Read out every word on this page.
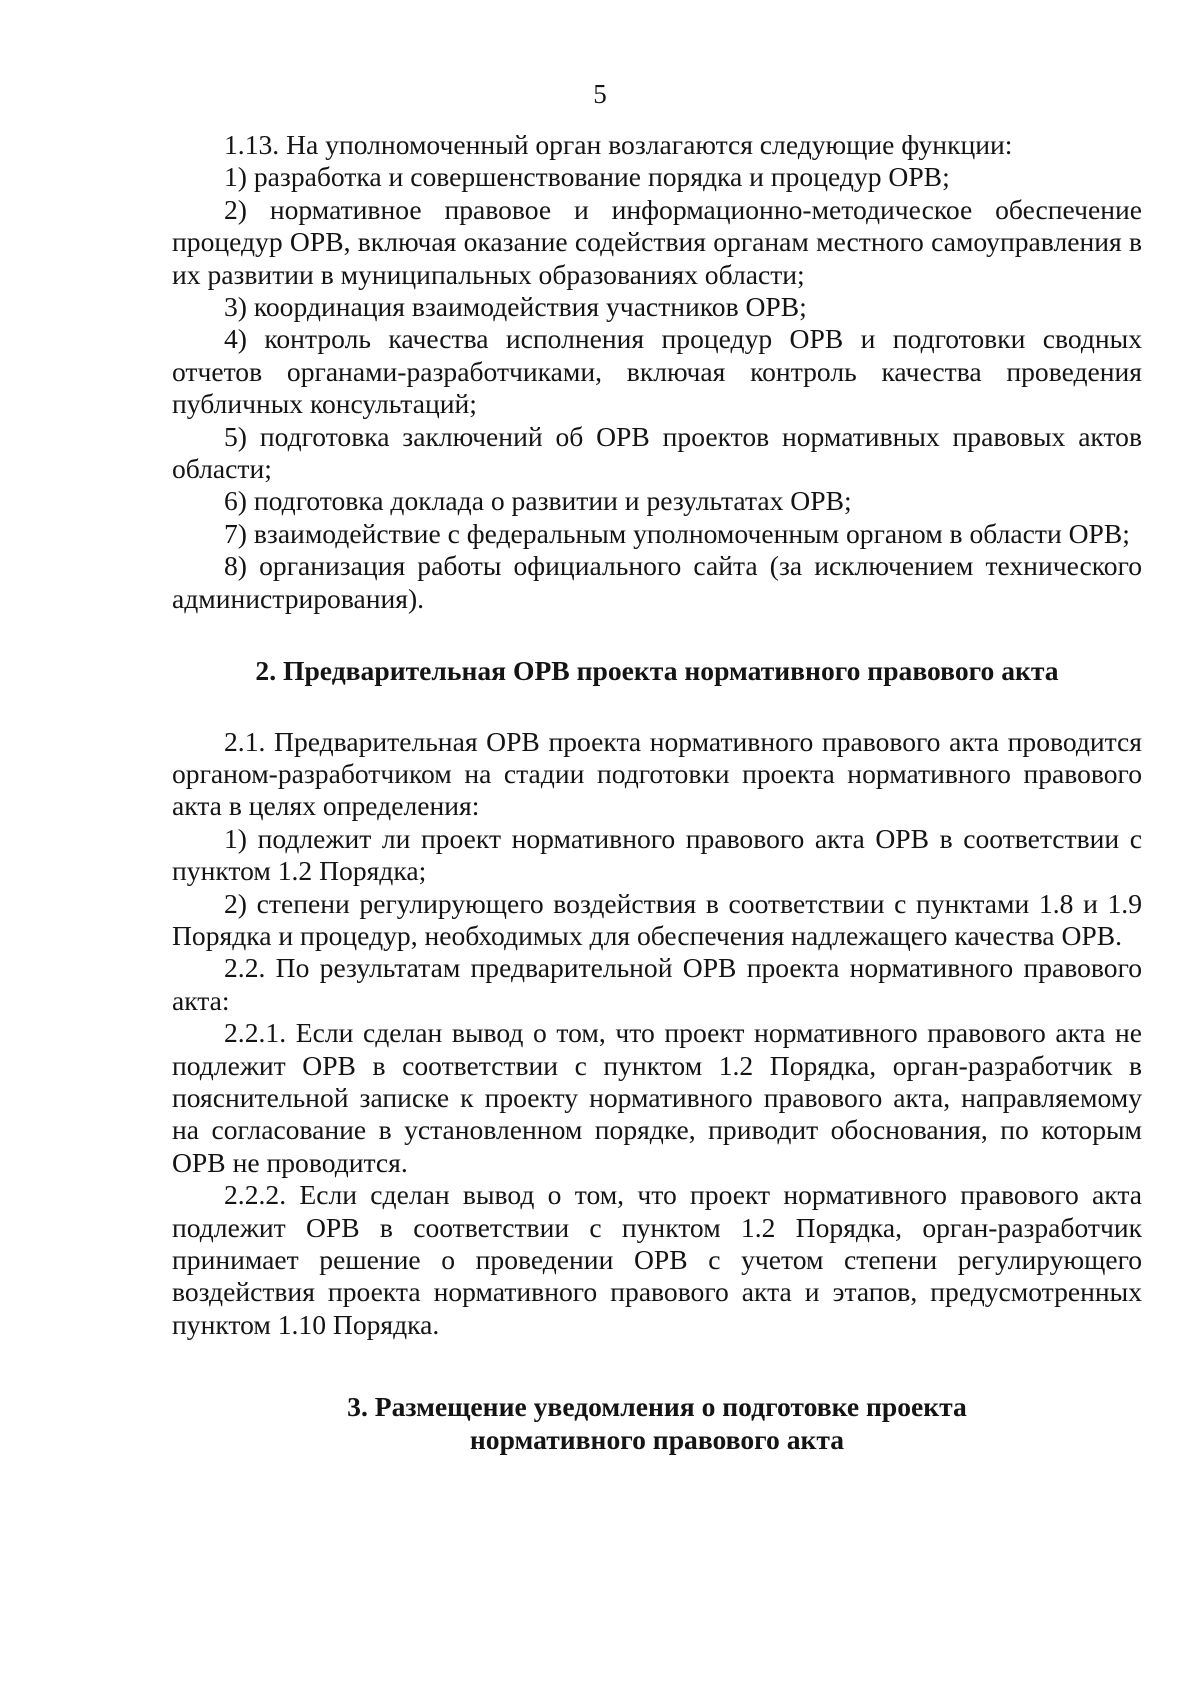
5

1.13. На уполномоченный орган возлагаются следующие функции:

1) разработка и совершенствование порядка и процедур ОРВ;

2) нормативное правовое и информационно-методическое обеспечение процедур ОРВ, включая оказание содействия органам местного самоуправления в их развитии в муниципальных образованиях области;

3) координация взаимодействия участников ОРВ;

4) контроль качества исполнения процедур ОРВ и подготовки сводных отчетов органами-разработчиками, включая контроль качества проведения публичных консультаций;

5) подготовка заключений об ОРВ проектов нормативных правовых актов области;

6) подготовка доклада о развитии и результатах ОРВ;

7) взаимодействие с федеральным уполномоченным органом в области ОРВ;

8) организация работы официального сайта (за исключением технического администрирования).

2. Предварительная ОРВ проекта нормативного правового акта

2.1. Предварительная ОРВ проекта нормативного правового акта проводится органом-разработчиком на стадии подготовки проекта нормативного правового акта в целях определения:

1) подлежит ли проект нормативного правового акта ОРВ в соответствии с пунктом 1.2 Порядка;

2) степени регулирующего воздействия в соответствии с пунктами 1.8 и 1.9 Порядка и процедур, необходимых для обеспечения надлежащего качества ОРВ.

2.2. По результатам предварительной ОРВ проекта нормативного правового акта:

2.2.1. Если сделан вывод о том, что проект нормативного правового акта не подлежит ОРВ в соответствии с пунктом 1.2 Порядка, орган-разработчик в пояснительной записке к проекту нормативного правового акта, направляемому на согласование в установленном порядке, приводит обоснования, по которым ОРВ не проводится.

2.2.2. Если сделан вывод о том, что проект нормативного правового акта подлежит ОРВ в соответствии с пунктом 1.2 Порядка, орган-разработчик принимает решение о проведении ОРВ с учетом степени регулирующего воздействия проекта нормативного правового акта и этапов, предусмотренных пунктом 1.10 Порядка.

3. Размещение уведомления о подготовке проекта
нормативного правового акта
